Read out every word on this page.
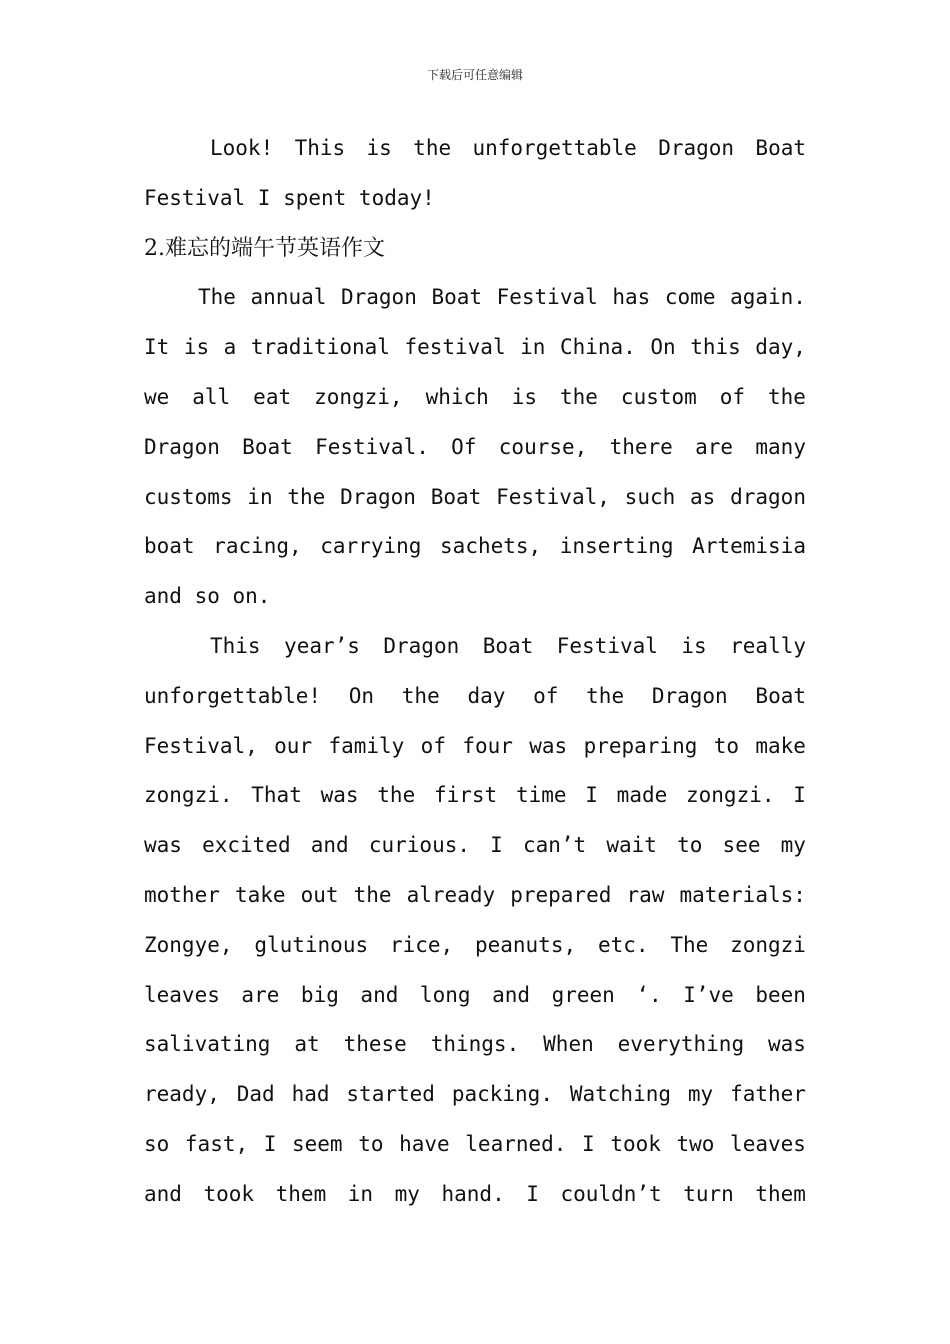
下载后可任意编辑
Look! This is the unforgettable Dragon Boat
Festival I spent today!
2.难忘的端午节英语作文
The annual Dragon Boat Festival has come again.
It is a traditional festival in China. On this day,

we all eat zongzi, which is the custom of the

Dragon Boat Festival. Of course, there are many

customs in the Dragon Boat Festival, such as dragon

boat racing, carrying sachets, inserting Artemisia
and so on.
This year’s Dragon Boat Festival is really
unforgettable! On the day of the Dragon Boat

Festival, our family of four was preparing to make

zongzi. That was the first time I made zongzi. I

was excited and curious. I can’t wait to see my

mother take out the already prepared raw materials:

Zongye, glutinous rice, peanuts, etc. The zongzi

leaves are big and long and green ‘. I’ve been

salivating at these things. When everything was

ready, Dad had started packing. Watching my father

so fast, I seem to have learned. I took two leaves

and took them in my hand. I couldn’t turn them
